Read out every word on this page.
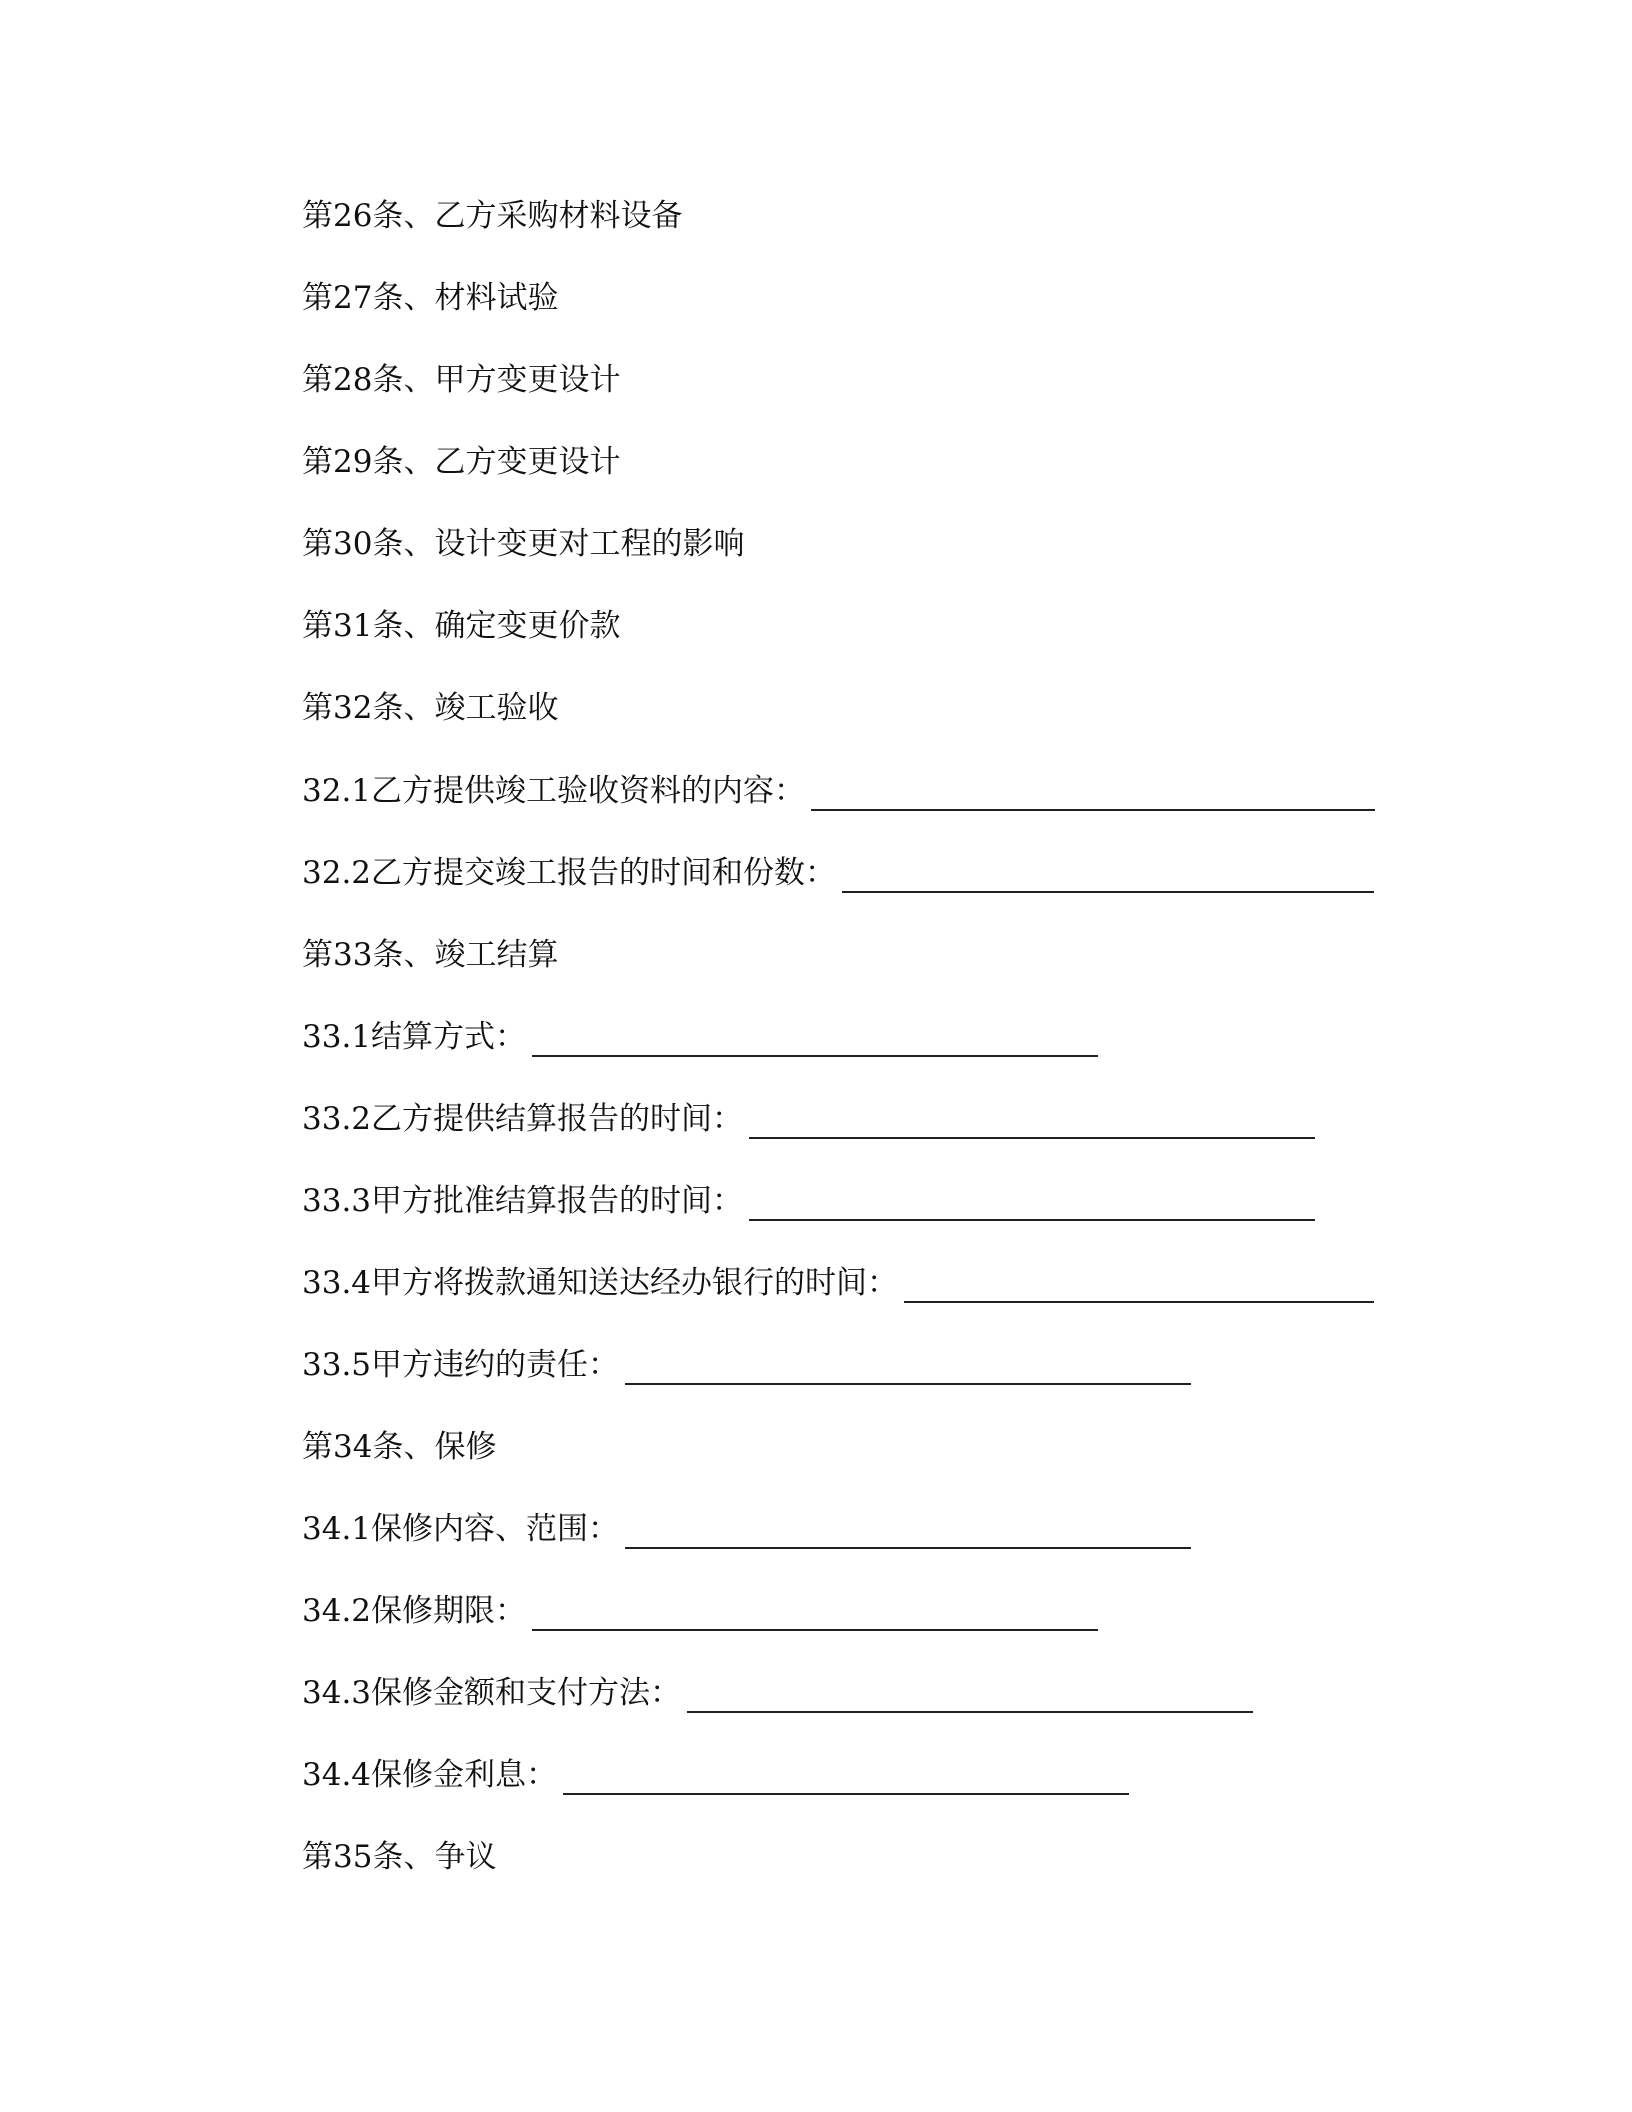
第26条、乙方采购材料设备
第27条、材料试验
第28条、甲方变更设计
第29条、乙方变更设计
第30条、设计变更对工程的影响
第31条、确定变更价款
第32条、竣工验收
32.1乙方提供竣工验收资料的内容：
32.2乙方提交竣工报告的时间和份数：
第33条、竣工结算
33.1结算方式：
33.2乙方提供结算报告的时间：
33.3甲方批准结算报告的时间：
33.4甲方将拨款通知送达经办银行的时间：
33.5甲方违约的责任：
第34条、保修
34.1保修内容、范围：
34.2保修期限：
34.3保修金额和支付方法：
34.4保修金利息：
第35条、争议
